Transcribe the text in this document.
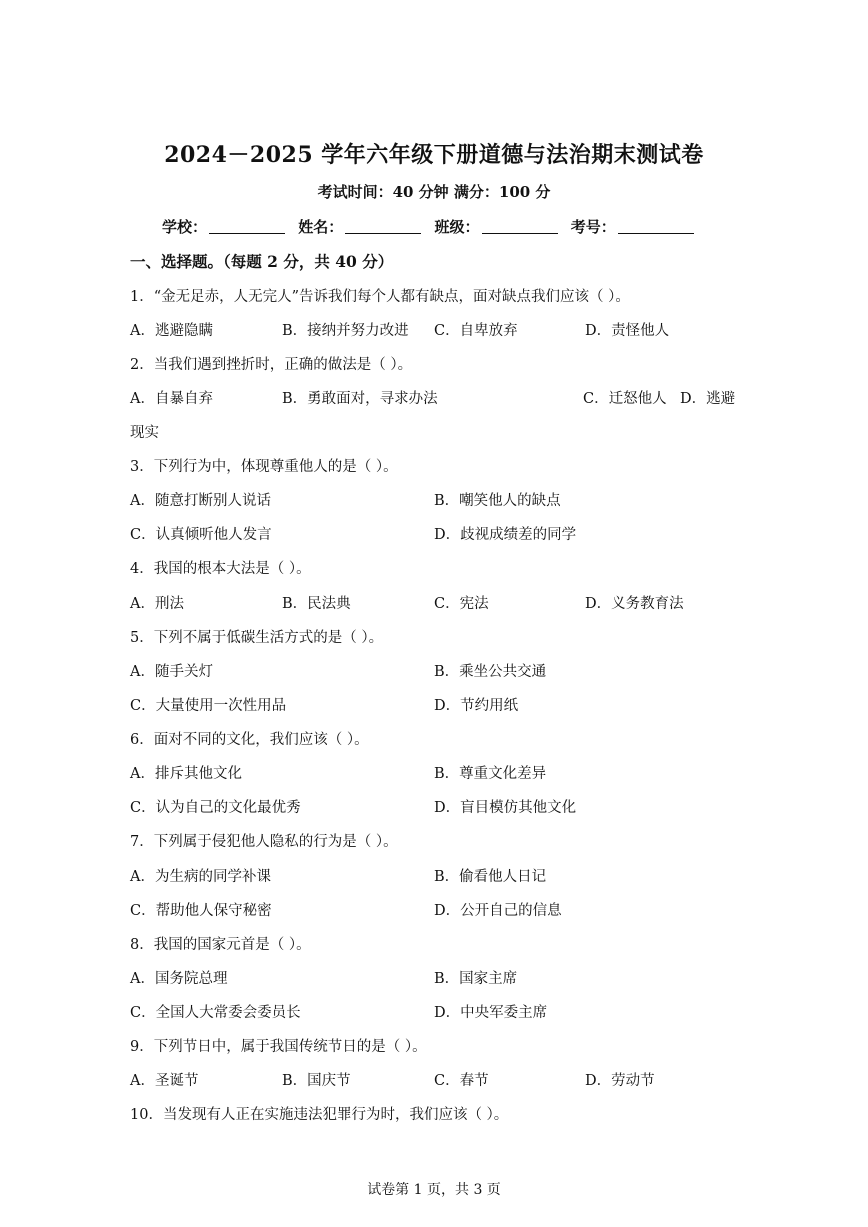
2024－2025 学年六年级下册道德与法治期末测试卷
考试时间：40 分钟 满分：100 分
学校：	姓名：	班级：	考号：
一、选择题。（每题 2 分，共 40 分）
1．“金无足赤，人无完人”告诉我们每个人都有缺点，面对缺点我们应该（ ）。
A．逃避隐瞒	B．接纳并努力改进 C．自卑放弃	D．责怪他人
2．当我们遇到挫折时，正确的做法是（ ）。
A．自暴自弃	B．勇敢面对，寻求办法	C．迁怒他人 D．逃避
现实
3．下列行为中，体现尊重他人的是（ ）。
A．随意打断别人说话	B．嘲笑他人的缺点
C．认真倾听他人发言	D．歧视成绩差的同学
4．我国的根本大法是（ ）。
A．刑法	B．民法典	C．宪法	D．义务教育法
5．下列不属于低碳生活方式的是（ ）。
A．随手关灯	B．乘坐公共交通
C．大量使用一次性用品	D．节约用纸
6．面对不同的文化，我们应该（ ）。
A．排斥其他文化	B．尊重文化差异
C．认为自己的文化最优秀	D．盲目模仿其他文化
7．下列属于侵犯他人隐私的行为是（ ）。
A．为生病的同学补课	B．偷看他人日记
C．帮助他人保守秘密	D．公开自己的信息
8．我国的国家元首是（ ）。
A．国务院总理	B．国家主席
C．全国人大常委会委员长	D．中央军委主席
9．下列节日中，属于我国传统节日的是（ ）。
A．圣诞节	B．国庆节	C．春节	D．劳动节
10．当发现有人正在实施违法犯罪行为时，我们应该（ ）。
试卷第 1 页，共 3 页
